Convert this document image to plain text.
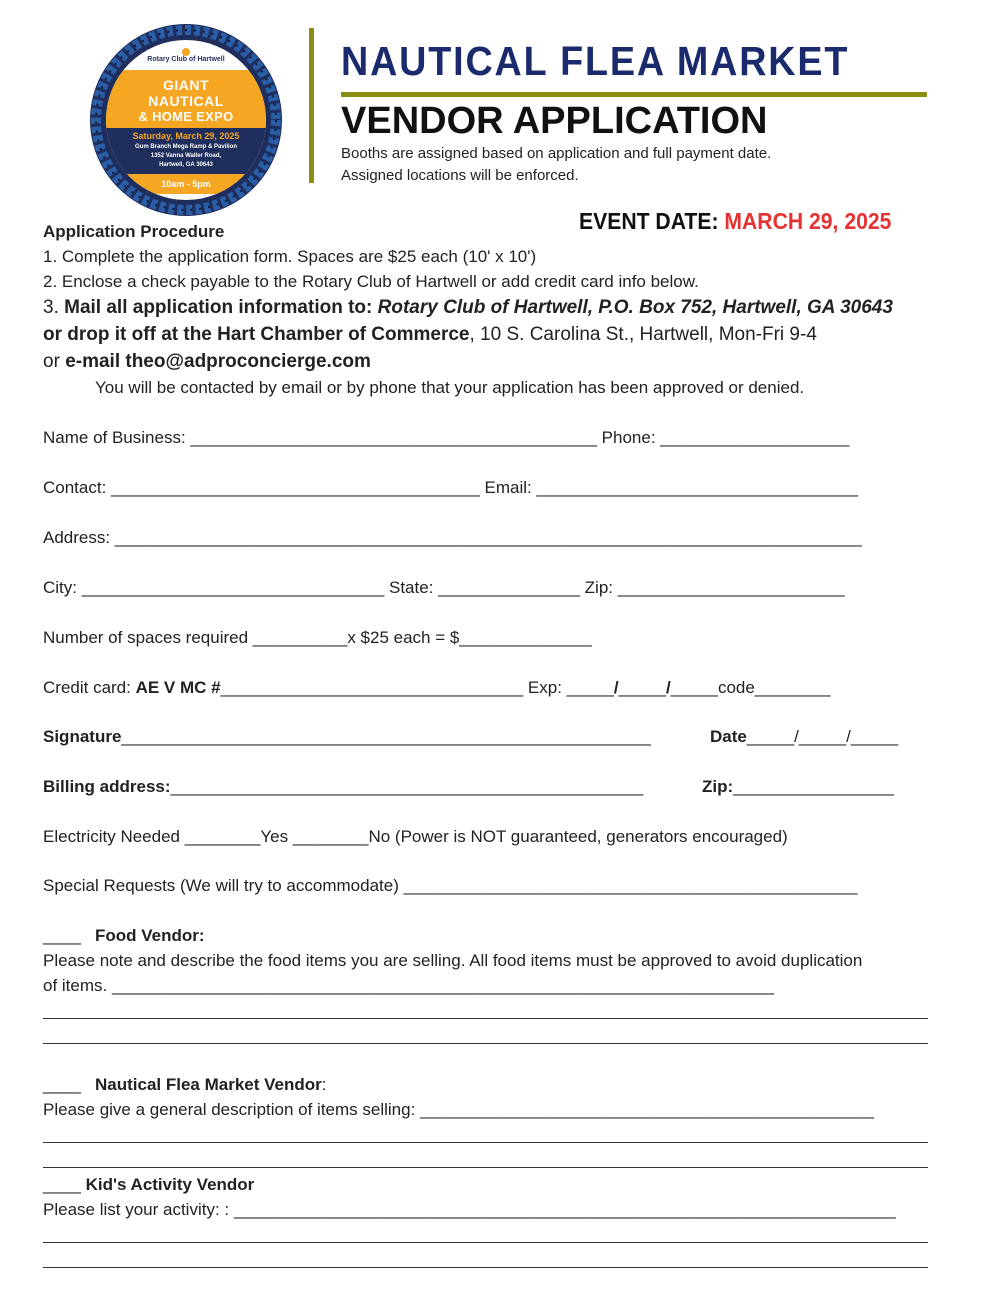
Rotary Club of Hartwell
GIANT
NAUTICAL
& HOME EXPO
Saturday, March 29, 2025
Gum Branch Mega Ramp & Pavilion
1352 Vanna Waller Road,
Hartwell, GA 30643
10am - 5pm
NAUTICAL FLEA MARKET
VENDOR APPLICATION
Booths are assigned based on application and full payment date.
Assigned locations will be enforced.
EVENT DATE: MARCH 29, 2025
Application Procedure
1. Complete the application form. Spaces are $25 each (10' x 10')
2. Enclose a check payable to the Rotary Club of Hartwell or add credit card info below.
3. Mail all application information to: Rotary Club of Hartwell, P.O. Box 752, Hartwell, GA 30643
or drop it off at the Hart Chamber of Commerce, 10 S. Carolina St., Hartwell, Mon-Fri 9-4
or e-mail theo@adproconcierge.com
You will be contacted by email or by phone that your application has been approved or denied.
Name of Business: ___________________________________________ Phone: ____________________
Contact: _______________________________________ Email: __________________________________
Address: _______________________________________________________________________________
City: ________________________________ State: _______________ Zip: ________________________
Number of spaces required __________x $25 each = $______________
Credit card: AE V MC #________________________________ Exp: _____/_____/_____code________
Signature________________________________________________________	Date_____/_____/_____
Billing address:__________________________________________________	Zip:_________________
Electricity Needed ________Yes ________No (Power is NOT guaranteed, generators encouraged)
Special Requests (We will try to accommodate) ________________________________________________
____ Food Vendor:
Please note and describe the food items you are selling. All food items must be approved to avoid duplication
of items. ______________________________________________________________________
____ Nautical Flea Market Vendor:
Please give a general description of items selling: ________________________________________________
____ Kid's Activity Vendor
Please list your activity: : ______________________________________________________________________
